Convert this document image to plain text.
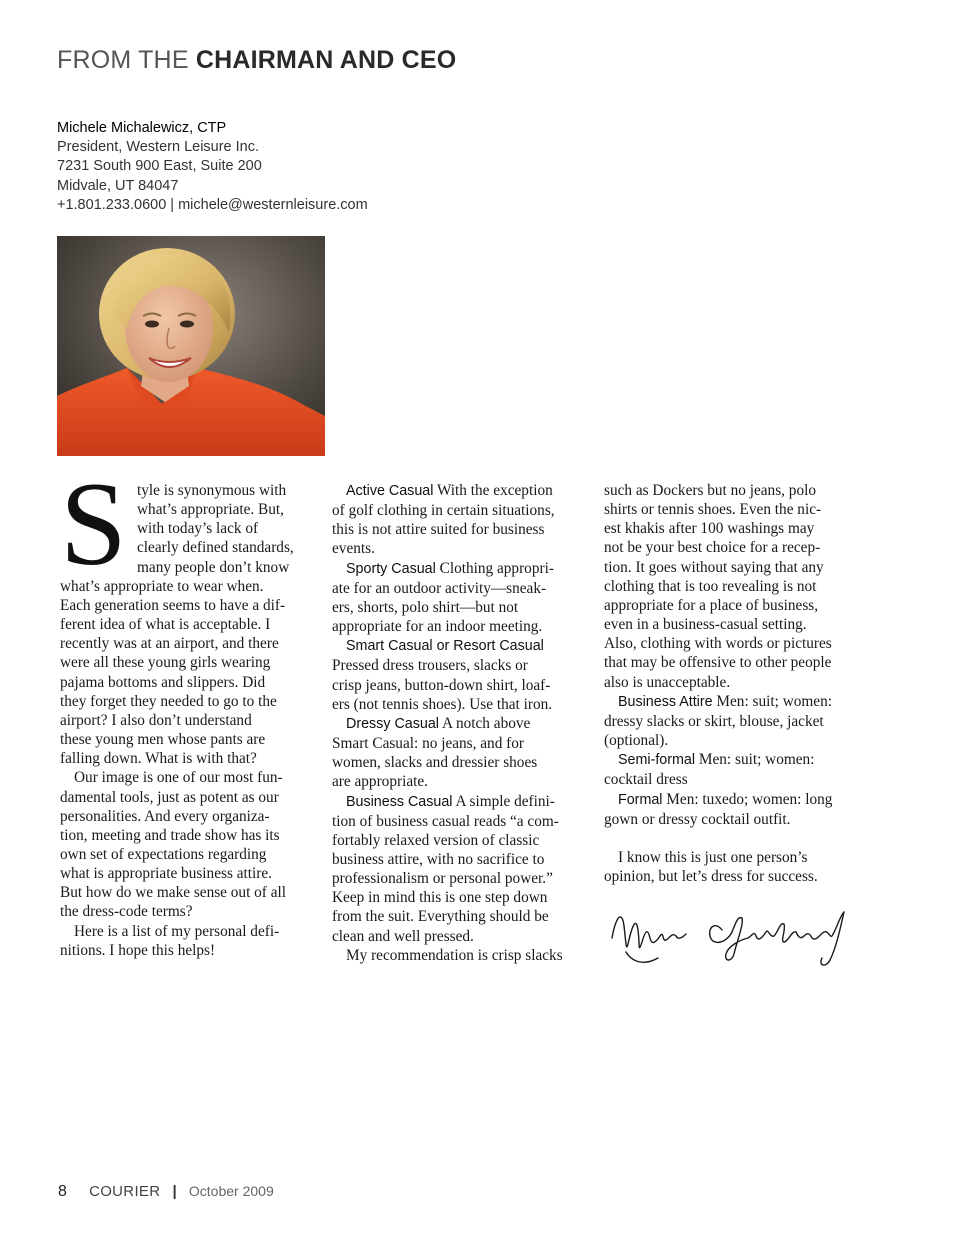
FROM THE CHAIRMAN AND CEO
Michele Michalewicz, CTP
President, Western Leisure Inc.
7231 South 900 East, Suite 200
Midvale, UT 84047
+1.801.233.0600 | michele@westernleisure.com
S tyle is synonymous with

what’s appropriate. But,

with today’s lack of

clearly defined standards,

many people don’t know

what’s appropriate to wear when.

Each generation seems to have a dif-

ferent idea of what is acceptable. I

recently was at an airport, and there

were all these young girls wearing

pajama bottoms and slippers. Did

they forget they needed to go to the

airport? I also don’t understand

these young men whose pants are

falling down. What is with that?

Our image is one of our most fun-

damental tools, just as potent as our

personalities. And every organiza-

tion, meeting and trade show has its

own set of expectations regarding

what is appropriate business attire.

But how do we make sense out of all

the dress-code terms?

Here is a list of my personal defi-

nitions. I hope this helps!

Active Casual With the exception

of golf clothing in certain situations,

this is not attire suited for business

events.

Sporty Casual Clothing appropri-

ate for an outdoor activity—sneak-

ers, shorts, polo shirt—but not

appropriate for an indoor meeting.

Smart Casual or Resort Casual

Pressed dress trousers, slacks or

crisp jeans, button-down shirt, loaf-

ers (not tennis shoes). Use that iron.

Dressy Casual A notch above

Smart Casual: no jeans, and for

women, slacks and dressier shoes

are appropriate.

Business Casual A simple defini-

tion of business casual reads “a com-

fortably relaxed version of classic

business attire, with no sacrifice to

professionalism or personal power.”

Keep in mind this is one step down

from the suit. Everything should be

clean and well pressed.

My recommendation is crisp slacks

such as Dockers but no jeans, polo

shirts or tennis shoes. Even the nic-

est khakis after 100 washings may

not be your best choice for a recep-

tion. It goes without saying that any

clothing that is too revealing is not

appropriate for a place of business,

even in a business-casual setting.

Also, clothing with words or pictures

that may be offensive to other people

also is unacceptable.

Business Attire Men: suit; women:

dressy slacks or skirt, blouse, jacket

(optional).

Semi-formal Men: suit; women:

cocktail dress

Formal Men: tuxedo; women: long

gown or dressy cocktail outfit.

I know this is just one person’s

opinion, but let’s dress for success.

8 COURIER | October 2009
